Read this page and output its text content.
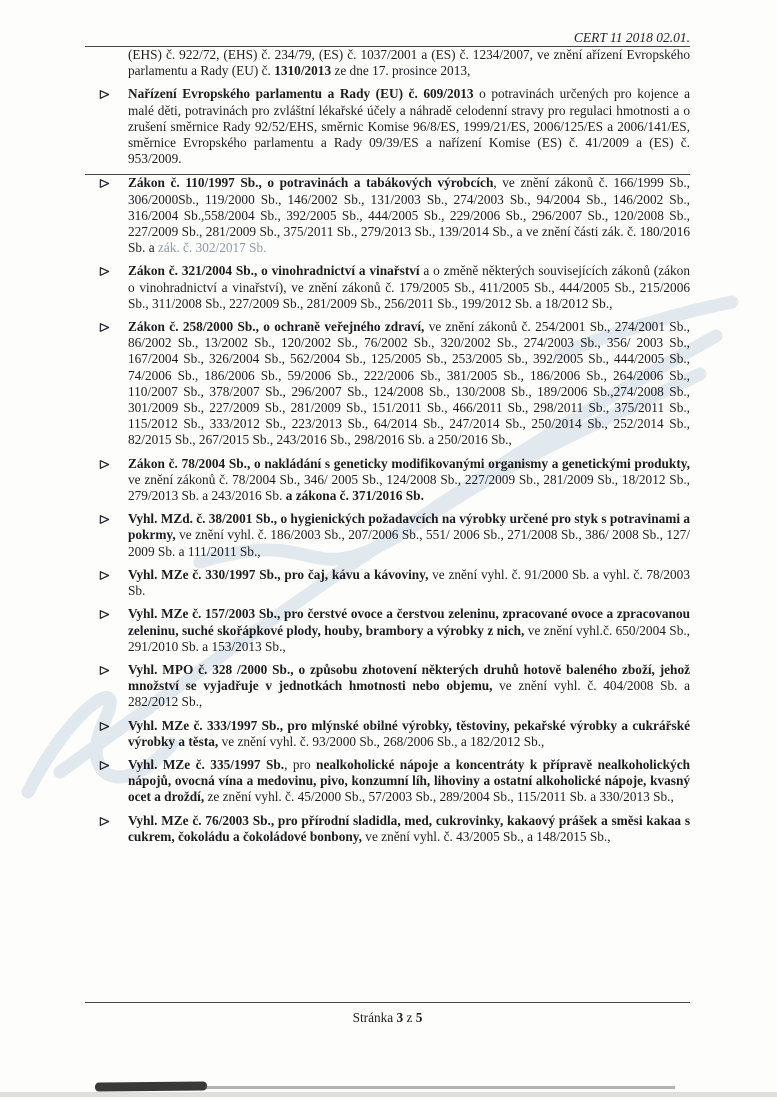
CERT 11 2018 02.01.

(EHS) č. 922/72, (EHS) č. 234/79, (ES) č. 1037/2001 a (ES) č. 1234/2007, ve znění ařízení Evropského parlamentu a Rady (EU) č. 1310/2013 ze dne 17. prosince 2013,

Nařízení Evropského parlamentu a Rady (EU) č. 609/2013 o potravinách určených pro kojence a malé děti, potravinách pro zvláštní lékařské účely a náhradě celodenní stravy pro regulaci hmotnosti a o zrušení směrnice Rady 92/52/EHS, směrnic Komise 96/8/ES, 1999/21/ES, 2006/125/ES a 2006/141/ES, směrnice Evropského parlamentu a Rady 09/39/ES a nařízení Komise (ES) č. 41/2009 a (ES) č. 953/2009.

Zákon č. 110/1997 Sb., o potravinách a tabákových výrobcích, ve znění zákonů č. 166/1999 Sb., 306/2000Sb., 119/2000 Sb., 146/2002 Sb., 131/2003 Sb., 274/2003 Sb., 94/2004 Sb., 146/2002 Sb., 316/2004 Sb.,558/2004 Sb., 392/2005 Sb., 444/2005 Sb., 229/2006 Sb., 296/2007 Sb., 120/2008 Sb., 227/2009 Sb., 281/2009 Sb., 375/2011 Sb., 279/2013 Sb., 139/2014 Sb., a ve znění části zák. č. 180/2016 Sb. a zák. č. 302/2017 Sb.

Zákon č. 321/2004 Sb., o vinohradnictví a vinařství a o změně některých souvisejících zákonů (zákon o vinohradnictví a vinařství), ve znění zákonů č. 179/2005 Sb., 411/2005 Sb., 444/2005 Sb., 215/2006 Sb., 311/2008 Sb., 227/2009 Sb., 281/2009 Sb., 256/2011 Sb., 199/2012 Sb. a 18/2012 Sb.,

Zákon č. 258/2000 Sb., o ochraně veřejného zdraví, ve znění zákonů č. 254/2001 Sb., 274/2001 Sb., 86/2002 Sb., 13/2002 Sb., 120/2002 Sb., 76/2002 Sb., 320/2002 Sb., 274/2003 Sb., 356/ 2003 Sb., 167/2004 Sb., 326/2004 Sb., 562/2004 Sb., 125/2005 Sb., 253/2005 Sb., 392/2005 Sb., 444/2005 Sb., 74/2006 Sb., 186/2006 Sb., 59/2006 Sb., 222/2006 Sb., 381/2005 Sb., 186/2006 Sb., 264/2006 Sb., 110/2007 Sb., 378/2007 Sb., 296/2007 Sb., 124/2008 Sb., 130/2008 Sb., 189/2006 Sb.,274/2008 Sb., 301/2009 Sb., 227/2009 Sb., 281/2009 Sb., 151/2011 Sb., 466/2011 Sb., 298/2011 Sb., 375/2011 Sb., 115/2012 Sb., 333/2012 Sb., 223/2013 Sb., 64/2014 Sb., 247/2014 Sb., 250/2014 Sb., 252/2014 Sb., 82/2015 Sb., 267/2015 Sb., 243/2016 Sb., 298/2016 Sb. a 250/2016 Sb.,

Zákon č. 78/2004 Sb., o nakládání s geneticky modifikovanými organismy a genetickými produkty, ve znění zákonů č. 78/2004 Sb., 346/ 2005 Sb., 124/2008 Sb., 227/2009 Sb., 281/2009 Sb., 18/2012 Sb., 279/2013 Sb. a 243/2016 Sb. a zákona č. 371/2016 Sb.

Vyhl. MZd. č. 38/2001 Sb., o hygienických požadavcích na výrobky určené pro styk s potravinami a pokrmy, ve znění vyhl. č. 186/2003 Sb., 207/2006 Sb., 551/ 2006 Sb., 271/2008 Sb., 386/ 2008 Sb., 127/ 2009 Sb. a 111/2011 Sb.,

Vyhl. MZe č. 330/1997 Sb., pro čaj, kávu a kávoviny, ve znění vyhl. č. 91/2000 Sb. a vyhl. č. 78/2003 Sb.

Vyhl. MZe č. 157/2003 Sb., pro čerstvé ovoce a čerstvou zeleninu, zpracované ovoce a zpracovanou zeleninu, suché skořápkové plody, houby, brambory a výrobky z nich, ve znění vyhl.č. 650/2004 Sb., 291/2010 Sb. a 153/2013 Sb.,

Vyhl. MPO č. 328 /2000 Sb., o způsobu zhotovení některých druhů hotově baleného zboží, jehož množství se vyjadřuje v jednotkách hmotnosti nebo objemu, ve znění vyhl. č. 404/2008 Sb. a 282/2012 Sb.,

Vyhl. MZe č. 333/1997 Sb., pro mlýnské obilné výrobky, těstoviny, pekařské výrobky a cukrářské výrobky a těsta, ve znění vyhl. č. 93/2000 Sb., 268/2006 Sb., a 182/2012 Sb.,

Vyhl. MZe č. 335/1997 Sb., pro nealkoholické nápoje a koncentráty k přípravě nealkoholických nápojů, ovocná vína a medovinu, pivo, konzumní líh, lihoviny a ostatní alkoholické nápoje, kvasný ocet a droždí, ze znění vyhl. č. 45/2000 Sb., 57/2003 Sb., 289/2004 Sb., 115/2011 Sb. a 330/2013 Sb.,

Vyhl. MZe č. 76/2003 Sb., pro přírodní sladidla, med, cukrovinky, kakaový prášek a směsi kakaa s cukrem, čokoládu a čokoládové bonbony, ve znění vyhl. č. 43/2005 Sb., a 148/2015 Sb.,

Stránka 3 z 5
